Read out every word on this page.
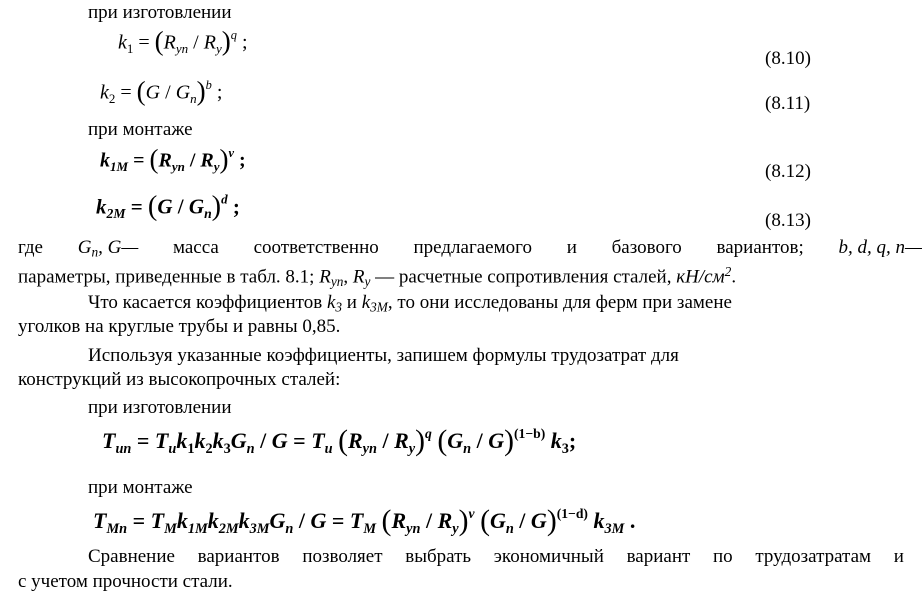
при изготовлении
$k_1 = (R_{yn} / R_y)^q$ ;
(8.10)
$k_2 = (G / G_n)^b$ ;
(8.11)
при монтаже
$k_{1М} = (R_{yn} / R_y)^v$ ;
(8.12)
$k_{2М} = (G / G_n)^d$ ;
(8.13)
где Gn, G— масса соответственно предлагаемого и базового вариантов; b, d, q, n—
параметры, приведенные в табл. 8.1; Ryn, Ry — расчетные сопротивления сталей, $кН/см^2$.
Что касается коэффициентов k3 и k3М, то они исследованы для ферм при замене
уголков на круглые трубы и равны 0,85.
Используя указанные коэффициенты, запишем формулы трудозатрат для
конструкций из высокопрочных сталей:
при изготовлении
$T_{un} = T_uk_1k_2k_3G_n / G = T_u$ $(R_{yn} / R_y)^q$ $(G_n / G)^{(1-b)}$ $k_3$;
при монтаже
$T_{Mn} = T_Mk_{1M}k_{2M}k_{3M}G_n / G = T_M$ $(R_{yn} / R_y)^v$ $(G_n / G)^{(1-d)}$ $k_{3M}$ .
Сравнение вариантов позволяет выбрать экономичный вариант по трудозатратам и
с учетом прочности стали.
